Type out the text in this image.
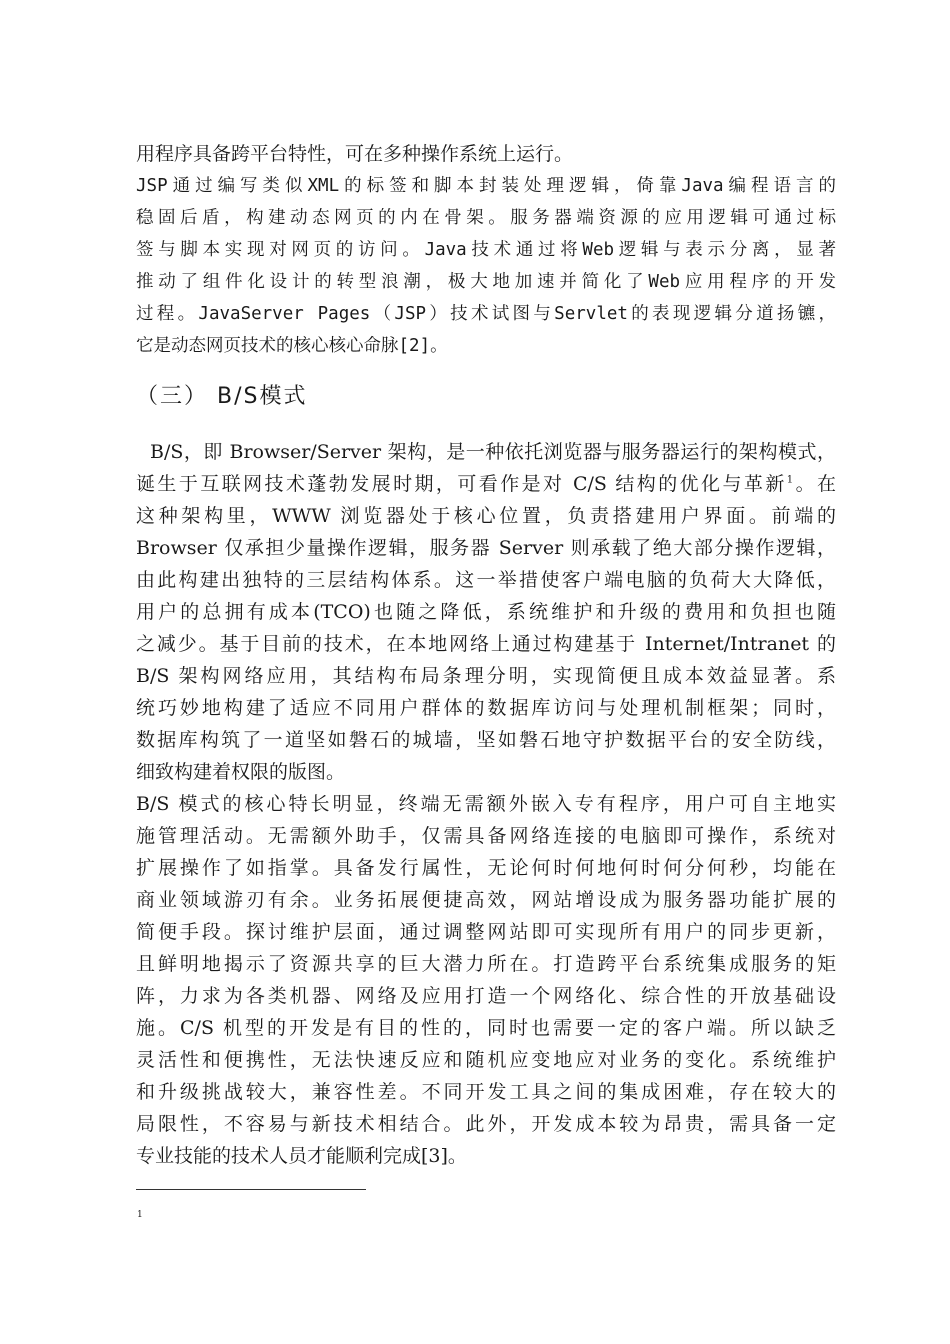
用程序具备跨平台特性，可在多种操作系统上运行。
JSP通过编写类似XML的标签和脚本封装处理逻辑，倚靠Java编程语言的
稳固后盾，构建动态网页的内在骨架。服务器端资源的应用逻辑可通过标
签与脚本实现对网页的访问。Java技术通过将Web逻辑与表示分离，显著
推动了组件化设计的转型浪潮，极大地加速并简化了Web应用程序的开发
过程。JavaServer Pages（JSP）技术试图与Servlet的表现逻辑分道扬镳，
它是动态网页技术的核心核心命脉[2]。
（三） B/S模式
B/S，即 Browser/Server 架构，是一种依托浏览器与服务器运行的架构模式，
诞生于互联网技术蓬勃发展时期，可看作是对 C/S 结构的优化与革新$^1$。在
这种架构里，WWW 浏览器处于核心位置，负责搭建用户界面。前端的
Browser 仅承担少量操作逻辑，服务器 Server 则承载了绝大部分操作逻辑，
由此构建出独特的三层结构体系。这一举措使客户端电脑的负荷大大降低，
用户的总拥有成本(TCO)也随之降低，系统维护和升级的费用和负担也随
之减少。基于目前的技术，在本地网络上通过构建基于 Internet/Intranet 的
B/S 架构网络应用，其结构布局条理分明，实现简便且成本效益显著。系
统巧妙地构建了适应不同用户群体的数据库访问与处理机制框架；同时，
数据库构筑了一道坚如磐石的城墙，坚如磐石地守护数据平台的安全防线，
细致构建着权限的版图。
B/S 模式的核心特长明显，终端无需额外嵌入专有程序，用户可自主地实
施管理活动。无需额外助手，仅需具备网络连接的电脑即可操作，系统对
扩展操作了如指掌。具备发行属性，无论何时何地何时何分何秒，均能在
商业领域游刃有余。业务拓展便捷高效，网站增设成为服务器功能扩展的
简便手段。探讨维护层面，通过调整网站即可实现所有用户的同步更新，
且鲜明地揭示了资源共享的巨大潜力所在。打造跨平台系统集成服务的矩
阵，力求为各类机器、网络及应用打造一个网络化、综合性的开放基础设
施。C/S 机型的开发是有目的性的，同时也需要一定的客户端。所以缺乏
灵活性和便携性，无法快速反应和随机应变地应对业务的变化。系统维护
和升级挑战较大，兼容性差。不同开发工具之间的集成困难，存在较大的
局限性，不容易与新技术相结合。此外，开发成本较为昂贵，需具备一定
专业技能的技术人员才能顺利完成[3]。
1
